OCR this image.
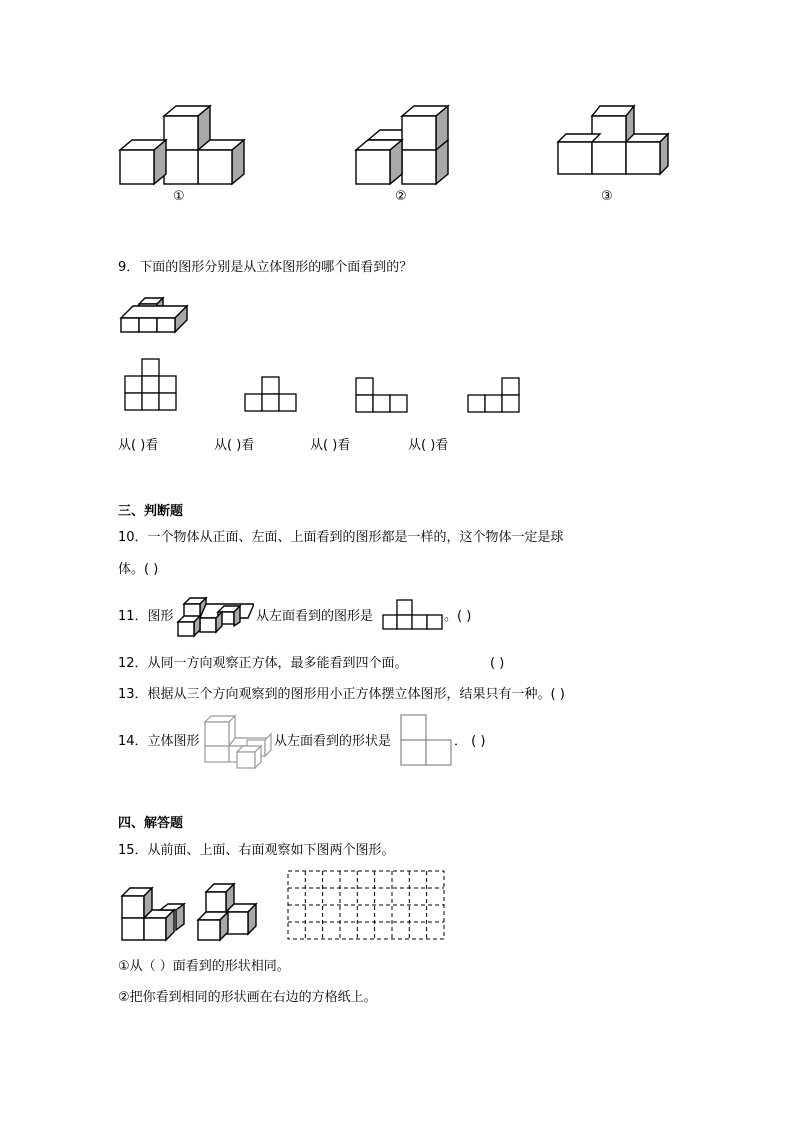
①	②	③
9．下面的图形分别是从立体图形的哪个面看到的？
从( )看	从( )看	从( )看	从( )看
三、判断题
10．一个物体从正面、左面、上面看到的图形都是一样的，这个物体一定是球
体。( )
11．图形	从左面看到的图形是	。( )
12．从同一方向观察正方体，最多能看到四个面。	( )
13．根据从三个方向观察到的图形用小正方体摆立体图形，结果只有一种。( )
14．立体图形	从左面看到的形状是	． ( )
四、解答题
15．从前面、上面、右面观察如下图两个图形。
①从（ ）面看到的形状相同。
②把你看到相同的形状画在右边的方格纸上。
